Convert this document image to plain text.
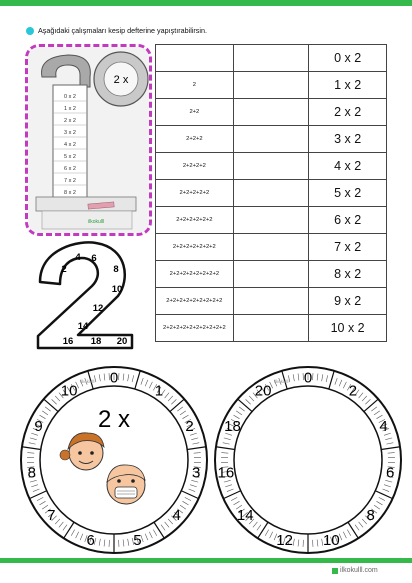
Aşağıdaki çalışmaları kesip defterine yapıştırabilirsin.
0 x 2
1 x 2
2 x 2
3 x 2
4 x 2
5 x 2
6 x 2
7 x 2
8 x 2
2 x
ilkokulll
		0 x 2
2		1 x 2
2+2		2 x 2
2+2+2		3 x 2
2+2+2+2		4 x 2
2+2+2+2+2		5 x 2
2+2+2+2+2+2		6 x 2
2+2+2+2+2+2+2		7 x 2
2+2+2+2+2+2+2+2		8 x 2
2+2+2+2+2+2+2+2+2		9 x 2
2+2+2+2+2+2+2+2+2+2		10 x 2
2
4 6
8
10
12
14
16 18 20
0
1
2
3
4
5
6
7
8
9
10
2 x
ilkokulll	0
2
4
6
8
10
12
14
16
18
20
ilkokulll
ilkokulll.com
